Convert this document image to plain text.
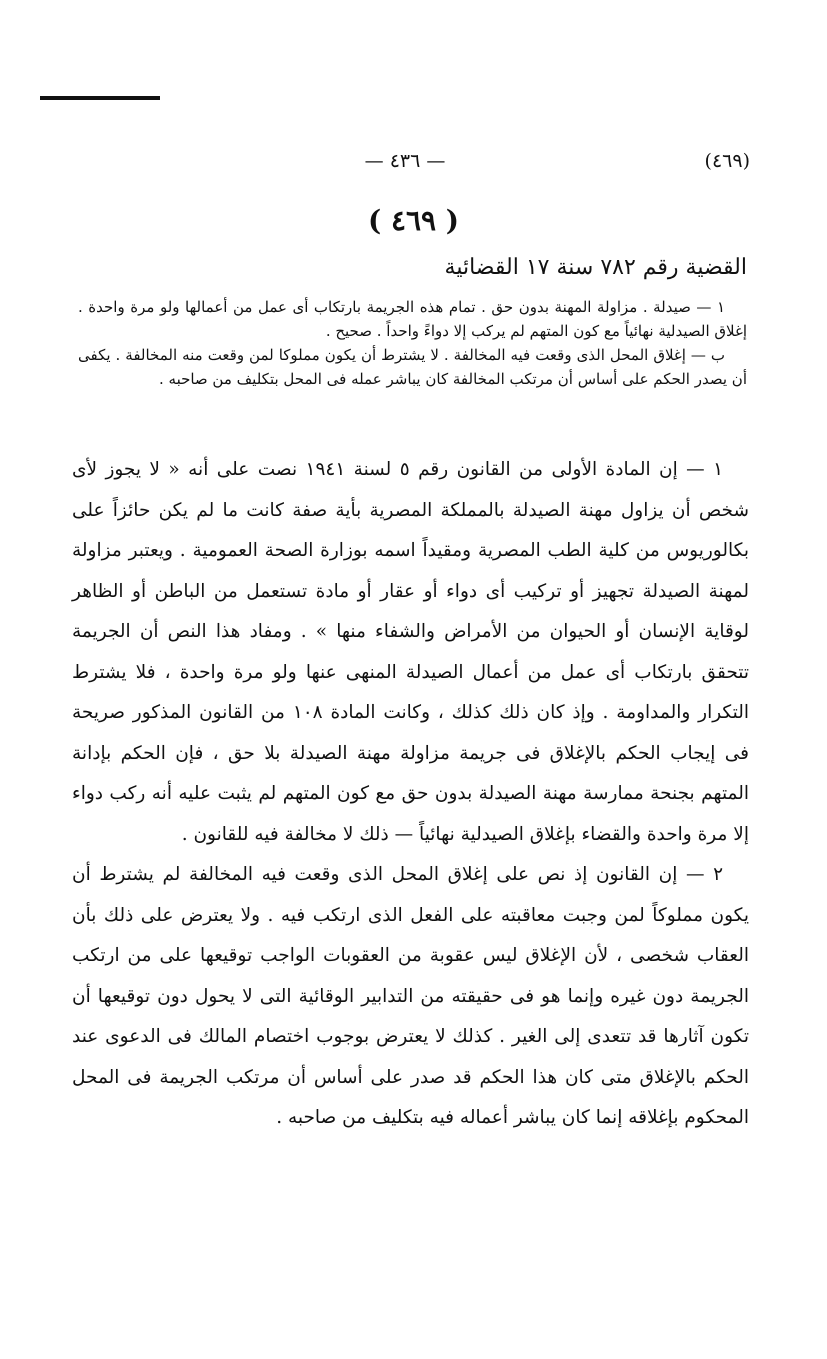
(٤٦٩)
— ٤٣٦ —
( ٤٦٩ )
القضية رقم ٧٨٢ سنة ١٧ القضائية

١ — صيدلة . مزاولة المهنة بدون حق . تمام هذه الجريمة بارتكاب أى عمل من أعمالها ولو مرة واحدة . إغلاق الصيدلية نهائياً مع كون المتهم لم يركب إلا دواءً واحداً . صحيح .

ب — إغلاق المحل الذى وقعت فيه المخالفة . لا يشترط أن يكون مملوكا لمن وقعت منه المخالفة . يكفى أن يصدر الحكم على أساس أن مرتكب المخالفة كان يباشر عمله فى المحل بتكليف من صاحبه .

١ — إن المادة الأولى من القانون رقم ٥ لسنة ١٩٤١ نصت على أنه « لا يجوز لأى شخص أن يزاول مهنة الصيدلة بالمملكة المصرية بأية صفة كانت ما لم يكن حائزاً على بكالوريوس من كلية الطب المصرية ومقيداً اسمه بوزارة الصحة العمومية . ويعتبر مزاولة لمهنة الصيدلة تجهيز أو تركيب أى دواء أو عقار أو مادة تستعمل من الباطن أو الظاهر لوقاية الإنسان أو الحيوان من الأمراض والشفاء منها » . ومفاد هذا النص أن الجريمة تتحقق بارتكاب أى عمل من أعمال الصيدلة المنهى عنها ولو مرة واحدة ، فلا يشترط التكرار والمداومة . وإذ كان ذلك كذلك ، وكانت المادة ١٠٨ من القانون المذكور صريحة فى إيجاب الحكم بالإغلاق فى جريمة مزاولة مهنة الصيدلة بلا حق ، فإن الحكم بإدانة المتهم بجنحة ممارسة مهنة الصيدلة بدون حق مع كون المتهم لم يثبت عليه أنه ركب دواء إلا مرة واحدة والقضاء بإغلاق الصيدلية نهائياً — ذلك لا مخالفة فيه للقانون .

٢ — إن القانون إذ نص على إغلاق المحل الذى وقعت فيه المخالفة لم يشترط أن يكون مملوكاً لمن وجبت معاقبته على الفعل الذى ارتكب فيه . ولا يعترض على ذلك بأن العقاب شخصى ، لأن الإغلاق ليس عقوبة من العقوبات الواجب توقيعها على من ارتكب الجريمة دون غيره وإنما هو فى حقيقته من التدابير الوقائية التى لا يحول دون توقيعها أن تكون آثارها قد تتعدى إلى الغير . كذلك لا يعترض بوجوب اختصام المالك فى الدعوى عند الحكم بالإغلاق متى كان هذا الحكم قد صدر على أساس أن مرتكب الجريمة فى المحل المحكوم بإغلاقه إنما كان يباشر أعماله فيه بتكليف من صاحبه .
